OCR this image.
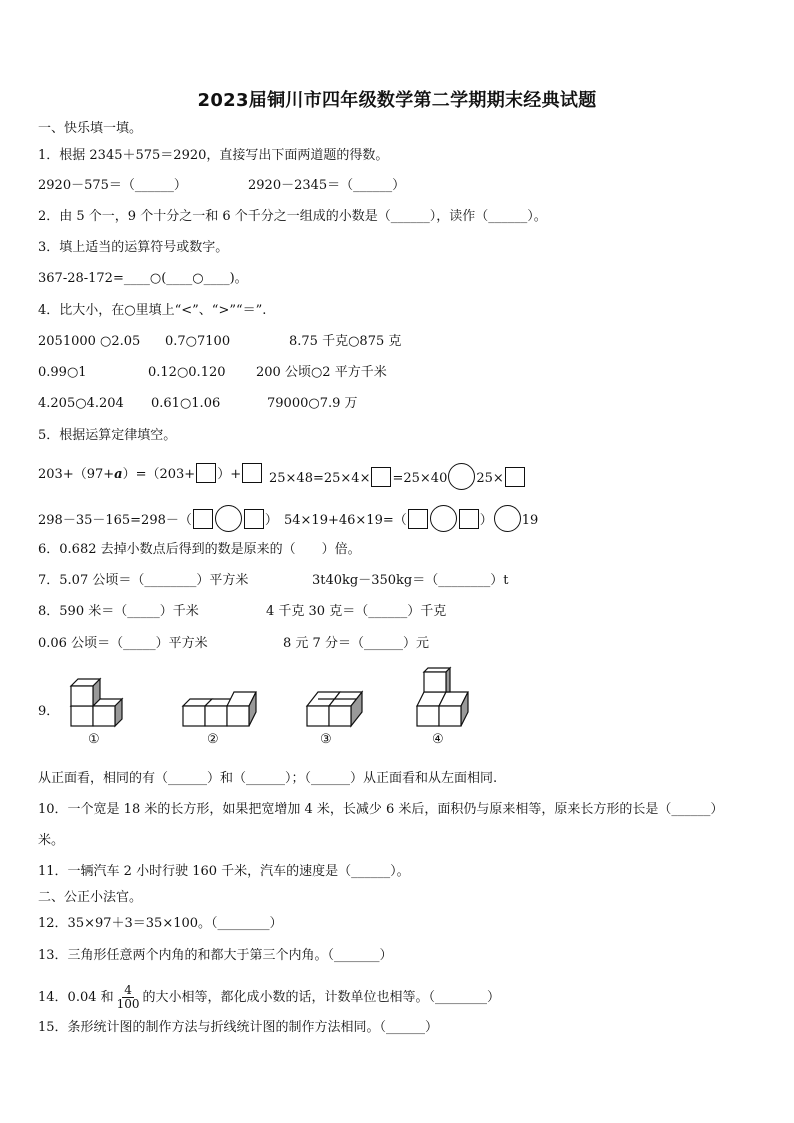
2023届铜川市四年级数学第二学期期末经典试题
一、快乐填一填。
1．根据 2345＋575＝2920，直接写出下面两道题的得数。
2920－575＝（______）	2920－2345＝（______）
2．由 5 个一，9 个十分之一和 6 个千分之一组成的小数是（______），读作（______）。
3．填上适当的运算符号或数字。
367-28-172=____○(____○____)。
4．比大小，在○里填上“<”、“>”“＝”.
2051000 ○2.05 0.7○7100	8.75 千克○875 克
0.99○1	0.12○0.120 200 公顷○2 平方千米
4.205○4.204 0.61○1.06	79000○7.9 万
5．根据运算定律填空。
203+（97+a）=（203+ ）+	25×48=25×4× =25×40 25×
298－35－165=298－（	） 54×19+46×19=（	） 19
6．0.682 去掉小数点后得到的数是原来的（　　）倍。
7．5.07 公顷＝（________）平方米	3t40kg－350kg＝（________）t
8．590 米＝（_____）千米	4 千克 30 克＝（______）千克
0.06 公顷＝（_____）平方米	8 元 7 分＝（______）元
9．
①	②	③	④
从正面看，相同的有（______）和（______）；（______）从正面看和从左面相同.
10．一个宽是 18 米的长方形，如果把宽增加 4 米，长减少 6 米后，面积仍与原来相等，原来长方形的长是（______）
米。
11．一辆汽车 2 小时行驶 160 千米，汽车的速度是（______）。
二、公正小法官。
12．35×97＋3＝35×100。（________）
13．三角形任意两个内角的和都大于第三个内角。（_______）
14．0.04 和 $\frac{4}{100}$ 的大小相等，都化成小数的话，计数单位也相等。（________）
15．条形统计图的制作方法与折线统计图的制作方法相同。（______）
